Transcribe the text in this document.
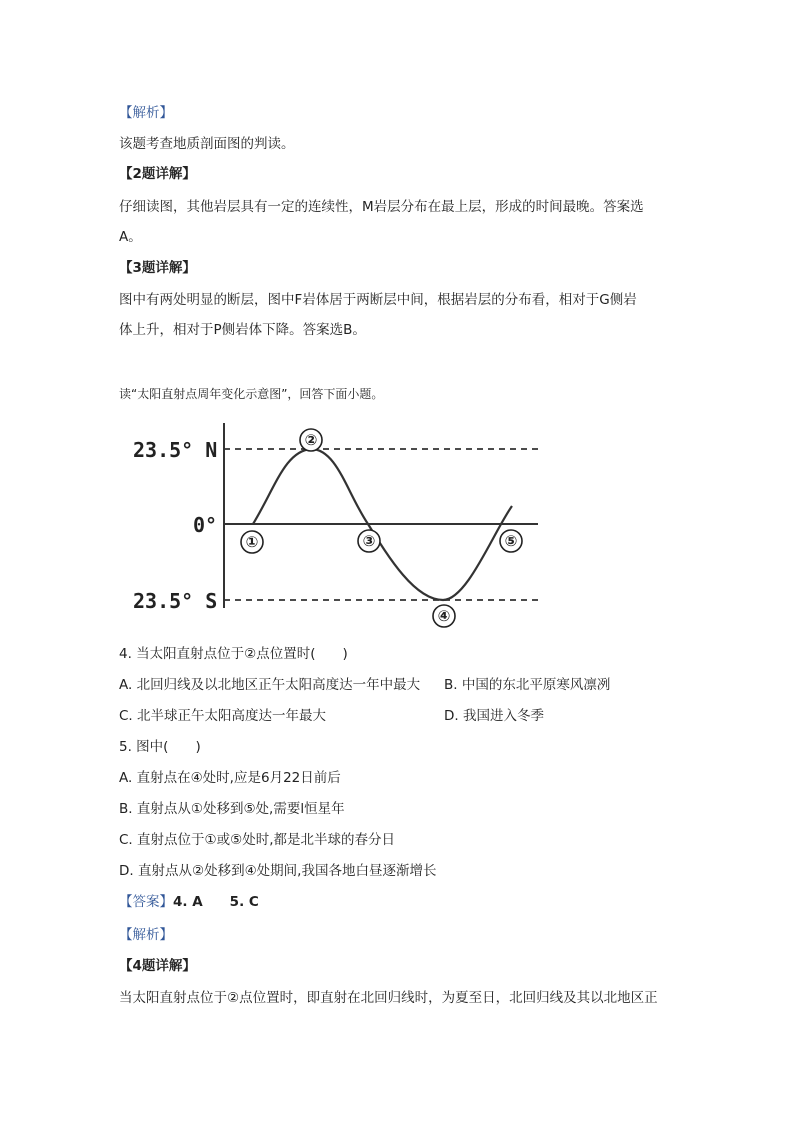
【解析】
该题考查地质剖面图的判读。
【2题详解】
仔细读图，其他岩层具有一定的连续性，M岩层分布在最上层，形成的时间最晚。答案选
A。
【3题详解】
图中有两处明显的断层，图中F岩体居于两断层中间，根据岩层的分布看，相对于G侧岩
体上升，相对于P侧岩体下降。答案选B。
读“太阳直射点周年变化示意图”，回答下面小题。
23.5° N
0°
23.5° S
①
②
③
④
⑤
4. 当太阳直射点位于②点位置时(　　)
A. 北回归线及以北地区正午太阳高度达一年中最大 B. 中国的东北平原寒风凛冽
C. 北半球正午太阳高度达一年最大	D. 我国进入冬季
5. 图中(　　)
A. 直射点在④处时,应是6月22日前后
B. 直射点从①处移到⑤处,需要l恒星年
C. 直射点位于①或⑤处时,都是北半球的春分日
D. 直射点从②处移到④处期间,我国各地白昼逐渐增长
【答案】4. A　　5. C
【解析】
【4题详解】
当太阳直射点位于②点位置时，即直射在北回归线时，为夏至日，北回归线及其以北地区正
